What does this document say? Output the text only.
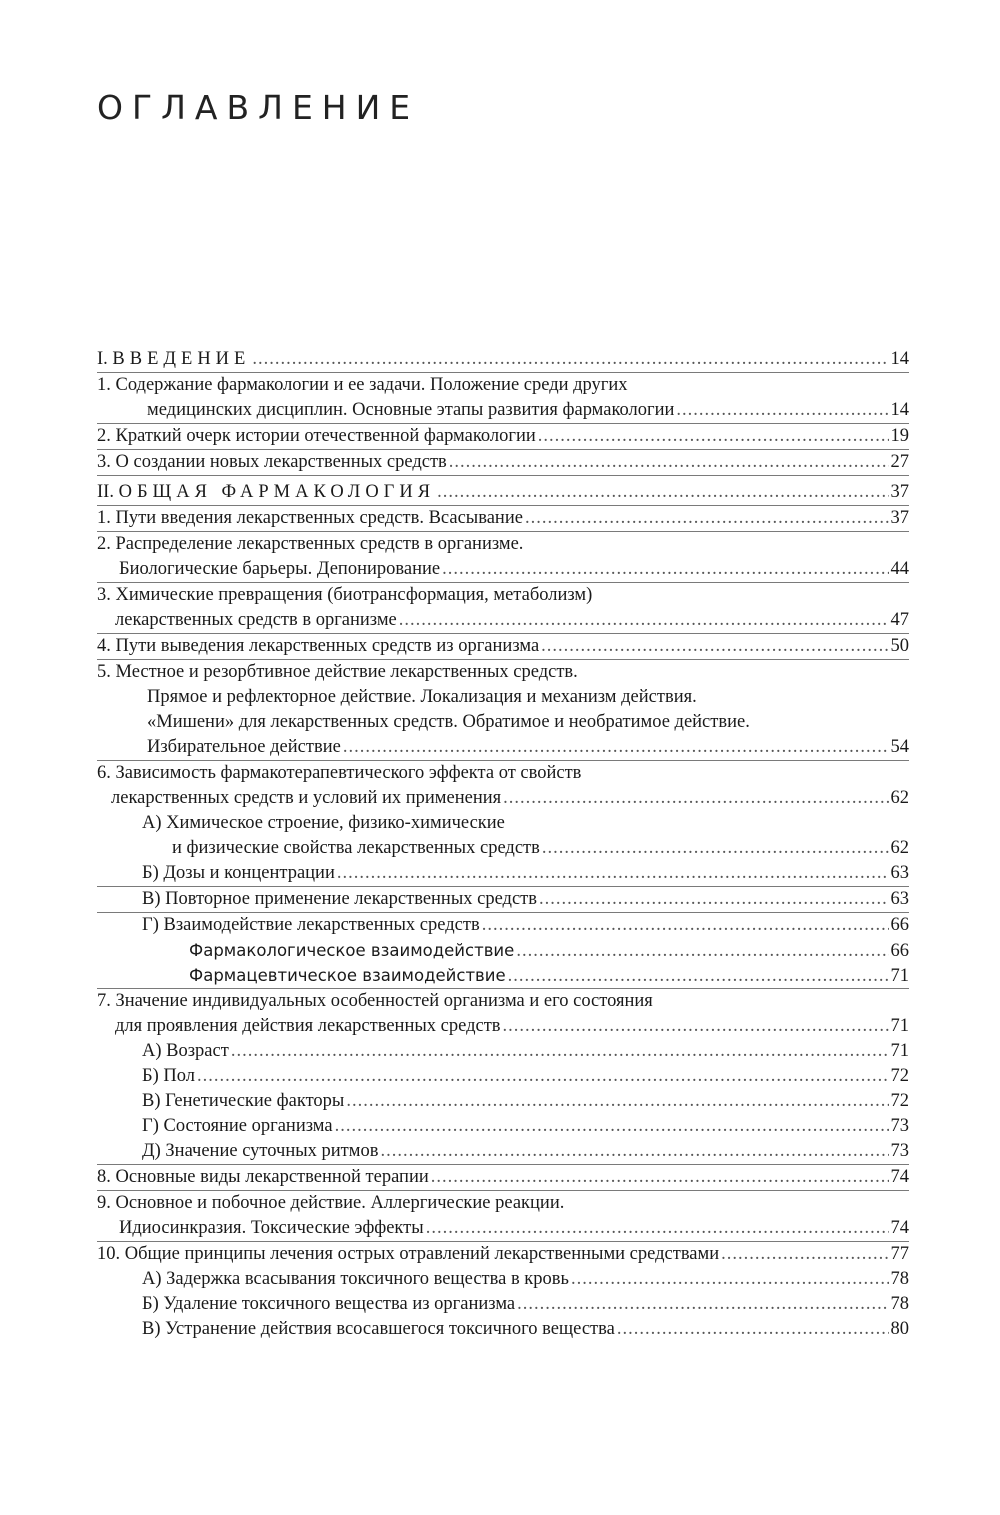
ОГЛАВЛЕНИЕ
I. ВВЕДЕНИЕ .....	14
1. Содержание фармакологии и ее задачи. Положение среди других
медицинских дисциплин. Основные этапы развития фармакологии .....	14
2. Краткий очерк истории отечественной фармакологии .....	19
3. О создании новых лекарственных средств .....	27
II. ОБЩАЯ ФАРМАКОЛОГИЯ .....	37
1. Пути введения лекарственных средств. Всасывание .....	37
2. Распределение лекарственных средств в организме.
Биологические барьеры. Депонирование .....	44
3. Химические превращения (биотрансформация, метаболизм)
лекарственных средств в организме .....	47
4. Пути выведения лекарственных средств из организма .....	50
5. Местное и резорбтивное действие лекарственных средств.
Прямое и рефлекторное действие. Локализация и механизм действия.
«Мишени» для лекарственных средств. Обратимое и необратимое действие.
Избирательное действие .....	54
6. Зависимость фармакотерапевтического эффекта от свойств
лекарственных средств и условий их применения .....	62
А) Химическое строение, физико-химические
и физические свойства лекарственных средств .....	62
Б) Дозы и концентрации .....	63
В) Повторное применение лекарственных средств .....	63
Г) Взаимодействие лекарственных средств .....	66
Фармакологическое взаимодействие .....	66
Фармацевтическое взаимодействие .....	71
7. Значение индивидуальных особенностей организма и его состояния
для проявления действия лекарственных средств .....	71
А) Возраст .....	71
Б) Пол .....	72
В) Генетические факторы .....	72
Г) Состояние организма .....	73
Д) Значение суточных ритмов .....	73
8. Основные виды лекарственной терапии .....	74
9. Основное и побочное действие. Аллергические реакции.
Идиосинкразия. Токсические эффекты .....	74
10. Общие принципы лечения острых отравлений лекарственными средствами .....	77
А) Задержка всасывания токсичного вещества в кровь .....	78
Б) Удаление токсичного вещества из организма .....	78
В) Устранение действия всосавшегося токсичного вещества .....	80
